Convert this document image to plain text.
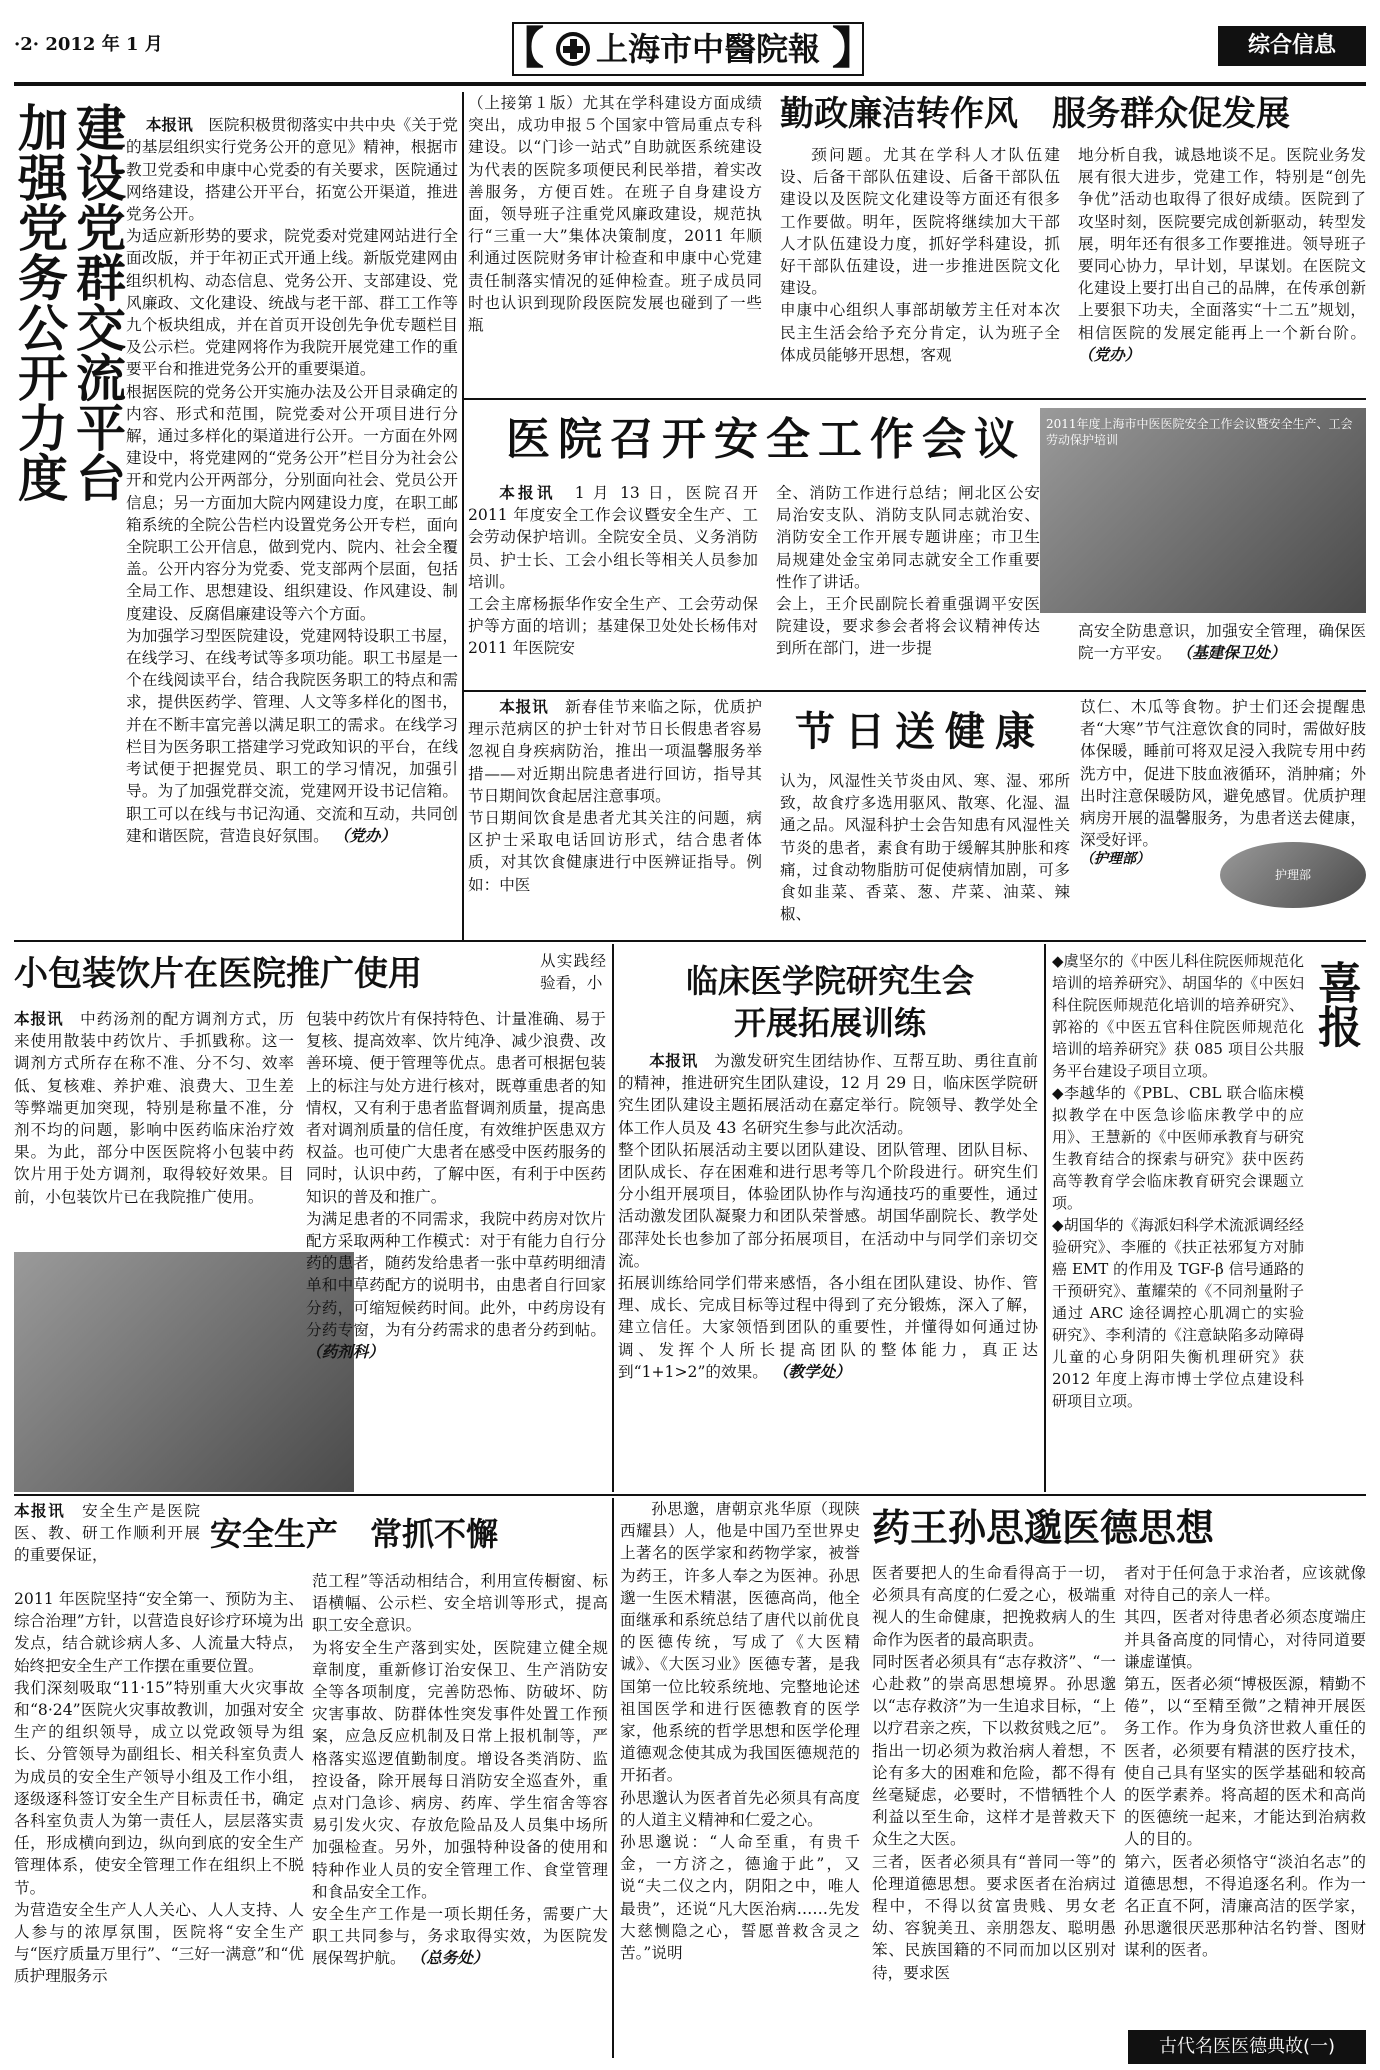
·2· 2012 年 1 月	【 上海市中醫院報 】	综合信息
建设党群交流平台 加强党务公开力度	本报讯　 医院积极贯彻落实中共中央《关于党的基层组织实行党务公开的意见》精神，根据市教卫党委和申康中心党委的有关要求，医院通过网络建设，搭建公开平台，拓宽公开渠道，推进党务公开。
为适应新形势的要求，院党委对党建网站进行全面改版，并于年初正式开通上线。新版党建网由组织机构、动态信息、党务公开、支部建设、党风廉政、文化建设、统战与老干部、群工工作等九个板块组成，并在首页开设创先争优专题栏目及公示栏。党建网将作为我院开展党建工作的重要平台和推进党务公开的重要渠道。
根据医院的党务公开实施办法及公开目录确定的内容、形式和范围，院党委对公开项目进行分解，通过多样化的渠道进行公开。一方面在外网建设中，将党建网的“党务公开”栏目分为社会公开和党内公开两部分，分别面向社会、党员公开信息；另一方面加大院内网建设力度，在职工邮箱系统的全院公告栏内设置党务公开专栏，面向全院职工公开信息，做到党内、院内、社会全覆盖。公开内容分为党委、党支部两个层面，包括全局工作、思想建设、组织建设、作风建设、制度建设、反腐倡廉建设等六个方面。
为加强学习型医院建设，党建网特设职工书屋，在线学习、在线考试等多项功能。职工书屋是一个在线阅读平台，结合我院医务职工的特点和需求，提供医药学、管理、人文等多样化的图书，并在不断丰富完善以满足职工的需求。在线学习栏目为医务职工搭建学习党政知识的平台，在线考试便于把握党员、职工的学习情况，加强引导。为了加强党群交流，党建网开设书记信箱。职工可以在线与书记沟通、交流和互动，共同创建和谐医院，营造良好氛围。 （党办）

勤政廉洁转作风　服务群众促发展
（上接第１版）尤其在学科建设方面成绩突出，成功申报５个国家中管局重点专科建设。以“门诊一站式”自助就医系统建设为代表的医院多项便民利民举措，着实改善服务，方便百姓。在班子自身建设方面，领导班子注重党风廉政建设，规范执行“三重一大”集体决策制度，2011 年顺利通过医院财务审计检查和申康中心党建责任制落实情况的延伸检查。班子成员同时也认识到现阶段医院发展也碰到了一些瓶
颈问题。尤其在学科人才队伍建设、后备干部队伍建设、后备干部队伍建设以及医院文化建设等方面还有很多工作要做。明年，医院将继续加大干部人才队伍建设力度，抓好学科建设，抓好干部队伍建设，进一步推进医院文化建设。
申康中心组织人事部胡敏芳主任对本次民主生活会给予充分肯定，认为班子全体成员能够开思想，客观
地分析自我，诚恳地谈不足。医院业务发展有很大进步，党建工作，特别是“创先争优”活动也取得了很好成绩。医院到了攻坚时刻，医院要完成创新驱动，转型发展，明年还有很多工作要推进。领导班子要同心协力，早计划，早谋划。在医院文化建设上要打出自己的品牌，在传承创新上要狠下功夫，全面落实“十二五”规划，相信医院的发展定能再上一个新台阶。 （党办）
医院召开安全工作会议 2011年度上海市中医医院安全工作会议暨安全生产、工会劳动保护培训
本报讯　 1 月 13 日，医院召开 2011 年度安全工作会议暨安全生产、工会劳动保护培训。全院安全员、义务消防员、护士长、工会小组长等相关人员参加培训。
工会主席杨振华作安全生产、工会劳动保护等方面的培训；基建保卫处处长杨伟对 2011 年医院安
全、消防工作进行总结；闸北区公安局治安支队、消防支队同志就治安、消防安全工作开展专题讲座；市卫生局规建处金宝弟同志就安全工作重要性作了讲话。
会上，王介民副院长着重强调平安医院建设，要求参会者将会议精神传达到所在部门，进一步提
高安全防患意识，加强安全管理，确保医院一方平安。 （基建保卫处）
本报讯　 新春佳节来临之际，优质护理示范病区的护士针对节日长假患者容易忽视自身疾病防治，推出一项温馨服务举措——对近期出院患者进行回访，指导其节日期间饮食起居注意事项。
节日期间饮食是患者尤其关注的问题，病区护士采取电话回访形式，结合患者体质，对其饮食健康进行中医辨证指导。例如：中医
节日送健康
认为，风湿性关节炎由风、寒、湿、邪所致，故食疗多选用驱风、散寒、化湿、温通之品。风湿科护士会告知患有风湿性关节炎的患者，素食有助于缓解其肿胀和疼痛，过食动物脂肪可促使病情加剧，可多食如韭菜、香菜、葱、芹菜、油菜、辣椒、
苡仁、木瓜等食物。护士们还会提醒患者“大寒”节气注意饮食的同时，需做好肢体保暖，睡前可将双足浸入我院专用中药洗方中，促进下肢血液循环，消肿痛；外出时注意保暖防风，避免感冒。优质护理病房开展的温馨服务，为患者送去健康，深受好评。
护理部
（护理部）
小包装饮片在医院推广使用	从实践经验看，小
本报讯　 中药汤剂的配方调剂方式，历来使用散装中药饮片、手抓戥称。这一调剂方式所存在称不准、分不匀、效率低、复核难、养护难、浪费大、卫生差等弊端更加突现，特别是称量不准，分剂不均的问题，影响中医药临床治疗效果。为此，部分中医医院将小包装中药饮片用于处方调剂，取得较好效果。目前，小包装饮片已在我院推广使用。
包装中药饮片有保持特色、计量准确、易于复核、提高效率、饮片纯净、减少浪费、改善环境、便于管理等优点。患者可根据包装上的标注与处方进行核对，既尊重患者的知情权，又有利于患者监督调剂质量，提高患者对调剂质量的信任度，有效维护医患双方权益。也可使广大患者在感受中医药服务的同时，认识中药，了解中医，有利于中医药知识的普及和推广。
为满足患者的不同需求，我院中药房对饮片配方采取两种工作模式：对于有能力自行分药的患者，随药发给患者一张中草药明细清单和中草药配方的说明书，由患者自行回家分药，可缩短候药时间。此外，中药房设有分药专窗，为有分药需求的患者分药到帖。 （药剂科）
临床医学院研究生会
开展拓展训练
本报讯　 为激发研究生团结协作、互帮互助、勇往直前的精神，推进研究生团队建设，12 月 29 日，临床医学院研究生团队建设主题拓展活动在嘉定举行。院领导、教学处全体工作人员及 43 名研究生参与此次活动。
整个团队拓展活动主要以团队建设、团队管理、团队目标、团队成长、存在困难和进行思考等几个阶段进行。研究生们分小组开展项目，体验团队协作与沟通技巧的重要性，通过活动激发团队凝聚力和团队荣誉感。胡国华副院长、教学处邵萍处长也参加了部分拓展项目，在活动中与同学们亲切交流。
拓展训练给同学们带来感悟，各小组在团队建设、协作、管理、成长、完成目标等过程中得到了充分锻炼，深入了解，建立信任。大家领悟到团队的重要性，并懂得如何通过协调、发挥个人所长提高团队的整体能力，真正达到“1+1>2”的效果。 （教学处）
喜报
◆虞坚尔的《中医儿科住院医师规范化培训的培养研究》、胡国华的《中医妇科住院医师规范化培训的培养研究》、郭裕的《中医五官科住院医师规范化培训的培养研究》获 085 项目公共服务平台建设子项目立项。
◆李越华的《PBL、CBL 联合临床模拟教学在中医急诊临床教学中的应用》、王慧新的《中医师承教育与研究生教育结合的探索与研究》获中医药高等教育学会临床教育研究会课题立项。
◆胡国华的《海派妇科学术流派调经经验研究》、李雁的《扶正祛邪复方对肺癌 EMT 的作用及 TGF-β 信号通路的干预研究》、董耀荣的《不同剂量附子通过 ARC 途径调控心肌凋亡的实验研究》、李利清的《注意缺陷多动障碍儿童的心身阴阳失衡机理研究》获 2012 年度上海市博士学位点建设科研项目立项。
安全生产　常抓不懈
本报讯　 安全生产是医院医、教、研工作顺利开展的重要保证，
2011 年医院坚持“安全第一、预防为主、综合治理”方针，以营造良好诊疗环境为出发点，结合就诊病人多、人流量大特点，始终把安全生产工作摆在重要位置。
我们深刻吸取“11·15”特别重大火灾事故和“8·24”医院火灾事故教训，加强对安全生产的组织领导，成立以党政领导为组长、分管领导为副组长、相关科室负责人为成员的安全生产领导小组及工作小组，逐级逐科签订安全生产目标责任书，确定各科室负责人为第一责任人，层层落实责任，形成横向到边，纵向到底的安全生产管理体系，使安全管理工作在组织上不脱节。
为营造安全生产人人关心、人人支持、人人参与的浓厚氛围，医院将“安全生产与“医疗质量万里行”、“三好一满意”和“优质护理服务示
范工程”等活动相结合，利用宣传橱窗、标语横幅、公示栏、安全培训等形式，提高职工安全意识。
为将安全生产落到实处，医院建立健全规章制度，重新修订治安保卫、生产消防安全等各项制度，完善防恐怖、防破坏、防灾害事故、防群体性突发事件处置工作预案，应急反应机制及日常上报机制等，严格落实巡逻值勤制度。增设各类消防、监控设备，除开展每日消防安全巡查外，重点对门急诊、病房、药库、学生宿舍等容易引发火灾、存放危险品及人员集中场所加强检查。另外，加强特种设备的使用和特种作业人员的安全管理工作、食堂管理和食品安全工作。
安全生产工作是一项长期任务，需要广大职工共同参与，务求取得实效，为医院发展保驾护航。 （总务处）
药王孙思邈医德思想
孙思邈，唐朝京兆华原（现陕西耀县）人，他是中国乃至世界史上著名的医学家和药物学家，被誉为药王，许多人奉之为医神。孙思邈一生医术精湛，医德高尚，他全面继承和系统总结了唐代以前优良的医德传统，写成了《大医精诚》、《大医习业》医德专著，是我国第一位比较系统地、完整地论述祖国医学和进行医德教育的医学家，他系统的哲学思想和医学伦理道德观念使其成为我国医德规范的开拓者。
孙思邈认为医者首先必须具有高度的人道主义精神和仁爱之心。
孙思邈说：“人命至重，有贵千金，一方济之，德逾于此”，又说“夫二仪之内，阴阳之中，唯人最贵”，还说“凡大医治病……先发大慈恻隐之心，誓愿普救含灵之苦。”说明
医者要把人的生命看得高于一切，必须具有高度的仁爱之心，极端重视人的生命健康，把挽救病人的生命作为医者的最高职责。
同时医者必须具有“志存救济”、“一心赴救”的崇高思想境界。孙思邈以“志存救济”为一生追求目标，“上以疗君亲之疾，下以救贫贱之厄”。指出一切必须为救治病人着想，不论有多大的困难和危险，都不得有丝毫疑虑，必要时，不惜牺牲个人利益以至生命，这样才是普救天下众生之大医。
三者，医者必须具有“普同一等”的伦理道德思想。要求医者在治病过程中，不得以贫富贵贱、男女老幼、容貌美丑、亲朋怨友、聪明愚笨、民族国籍的不同而加以区别对待，要求医
者对于任何急于求治者，应该就像对待自己的亲人一样。
其四，医者对待患者必须态度端庄并具备高度的同情心，对待同道要谦虚谨慎。
第五，医者必须“博极医源，精勤不倦”，以“至精至微”之精神开展医务工作。作为身负济世救人重任的医者，必须要有精湛的医疗技术，使自己具有坚实的医学基础和较高的医学素养。将高超的医术和高尚的医德统一起来，才能达到治病救人的目的。
第六，医者必须恪守“淡泊名志”的道德思想，不得追逐名利。作为一名正直不阿，清廉高洁的医学家，孙思邈很厌恶那种沽名钓誉、图财谋利的医者。
古代名医医德典故(一)
